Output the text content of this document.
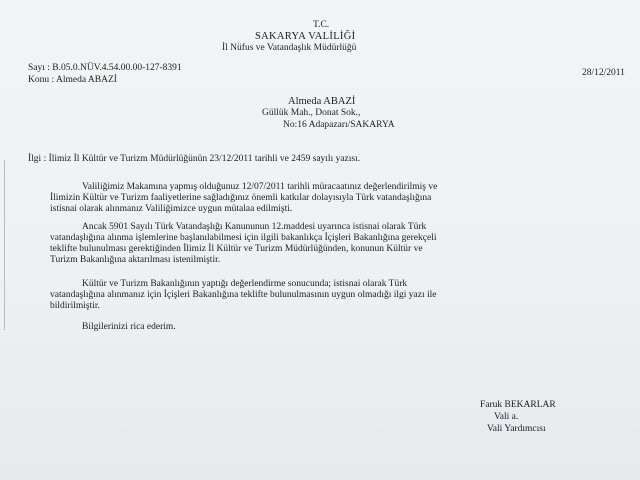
T.C.
SAKARYA VALİLİĞİ
İl Nüfus ve Vatandaşlık Müdürlüğü
Sayı : B.05.0.NÜV.4.54.00.00-127-8391
Konu : Almeda ABAZİ
28/12/2011
Almeda ABAZİ
Güllük Mah., Donat Sok.,
No:16 Adapazarı/SAKARYA
İlgi : İlimiz İl Kültür ve Turizm Müdürlüğünün 23/12/2011 tarihli ve 2459 sayılı yazısı.
Valiliğimiz Makamına yapmış olduğunuz 12/07/2011 tarihli müracaatınız değerlendirilmiş ve
İlimizin Kültür ve Turizm faaliyetlerine sağladığınız önemli katkılar dolayısıyla Türk vatandaşlığına
istisnai olarak alınmanız Valiliğimizce uygun mütalaa edilmişti.
Ancak 5901 Sayılı Türk Vatandaşlığı Kanununun 12.maddesi uyarınca istisnai olarak Türk
vatandaşlığına alınma işlemlerine başlanılabilmesi için ilgili bakanlıkça İçişleri Bakanlığına gerekçeli
teklifte bulunulması gerektiğinden İlimiz İl Kültür ve Turizm Müdürlüğünden, konunun Kültür ve
Turizm Bakanlığına aktarılması istenilmiştir.
Kültür ve Turizm Bakanlığının yaptığı değerlendirme sonucunda; istisnai olarak Türk
vatandaşlığına alınmanız için İçişleri Bakanlığına teklifte bulunulmasının uygun olmadığı ilgi yazı ile
bildirilmiştir.
Bilgilerinizi rica ederim.
Faruk BEKARLAR
Vali a.
Vali Yardımcısı
